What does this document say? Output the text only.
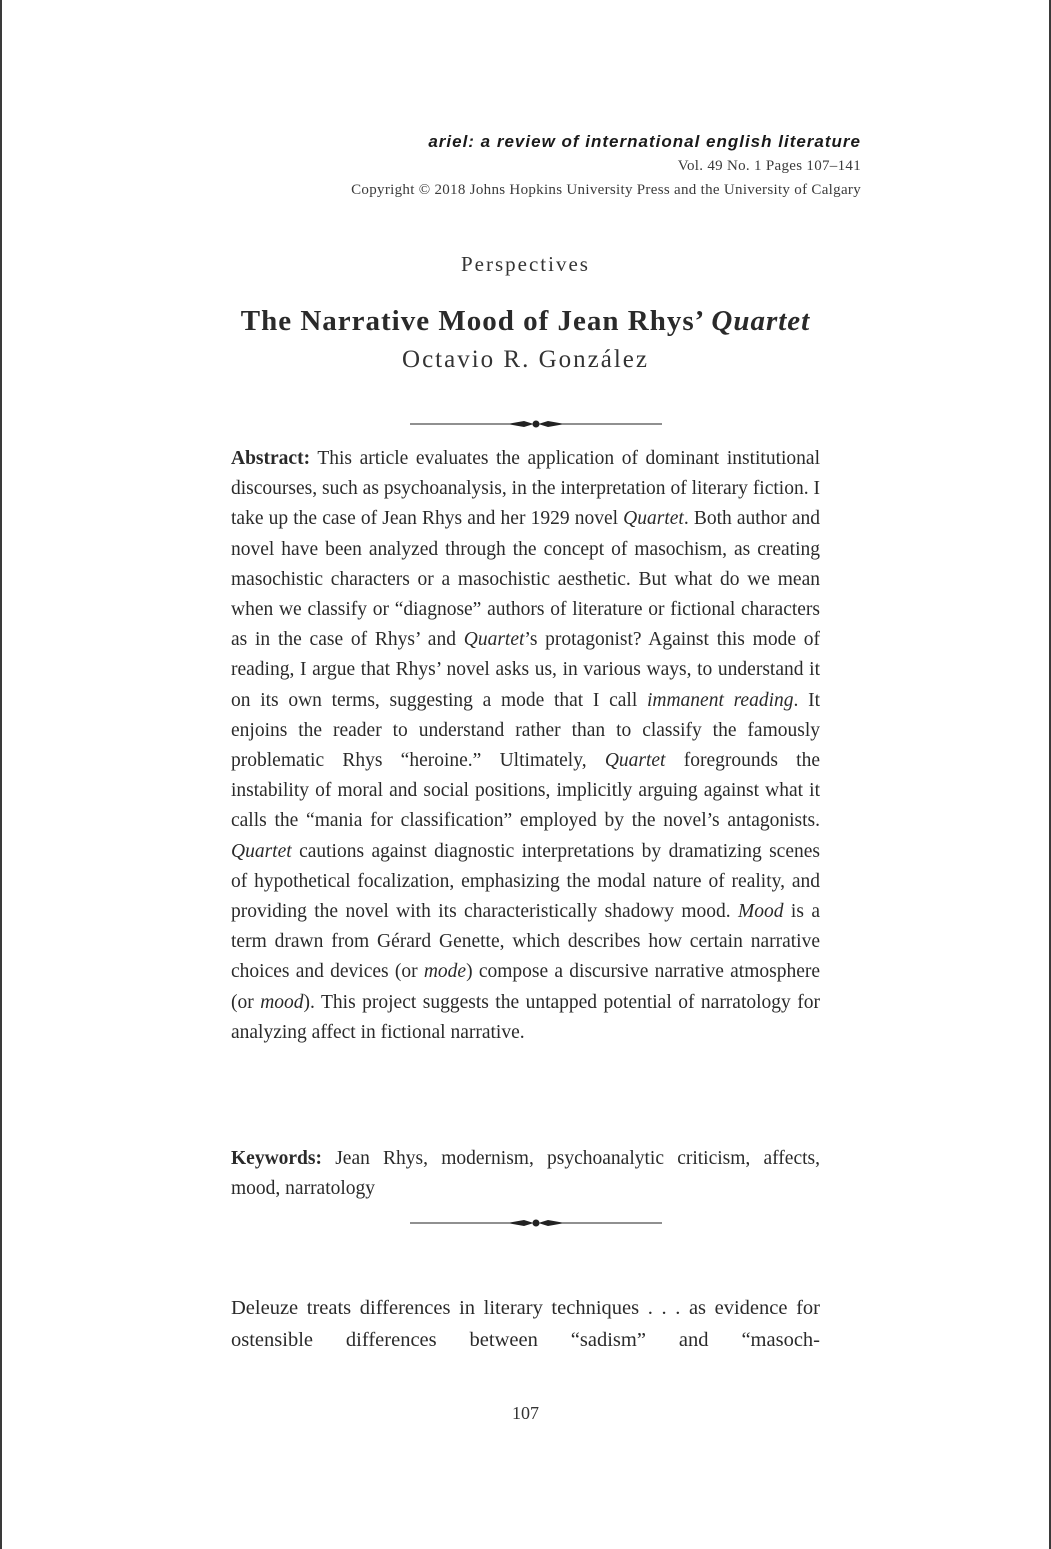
ariel: a review of international english literature
Vol. 49 No. 1 Pages 107–141
Copyright © 2018 Johns Hopkins University Press and the University of Calgary
Perspectives
The Narrative Mood of Jean Rhys’ Quartet
Octavio R. González
Abstract: This article evaluates the application of dominant institutional discourses, such as psychoanalysis, in the interpretation of literary fiction. I take up the case of Jean Rhys and her 1929 novel Quartet. Both author and novel have been analyzed through the concept of masochism, as creating masochistic characters or a masochistic aesthetic. But what do we mean when we classify or “diagnose” authors of literature or fictional characters as in the case of Rhys’ and Quartet’s protagonist? Against this mode of reading, I argue that Rhys’ novel asks us, in various ways, to understand it on its own terms, suggesting a mode that I call immanent reading. It enjoins the reader to understand rather than to classify the famously problematic Rhys “heroine.” Ultimately, Quartet foregrounds the instability of moral and social positions, implicitly arguing against what it calls the “mania for classification” employed by the novel’s antagonists. Quartet cautions against diagnostic interpretations by dramatizing scenes of hypothetical focalization, emphasizing the modal nature of reality, and providing the novel with its characteristically shadowy mood. Mood is a term drawn from Gérard Genette, which describes how certain narrative choices and devices (or mode) compose a discursive narrative atmosphere (or mood). This project suggests the untapped potential of narratology for analyzing affect in fictional narrative.
Keywords: Jean Rhys, modernism, psychoanalytic criticism, affects, mood, narratology
Deleuze treats differences in literary techniques . . . as evidence for ostensible differences between “sadism” and “masoch-
107
